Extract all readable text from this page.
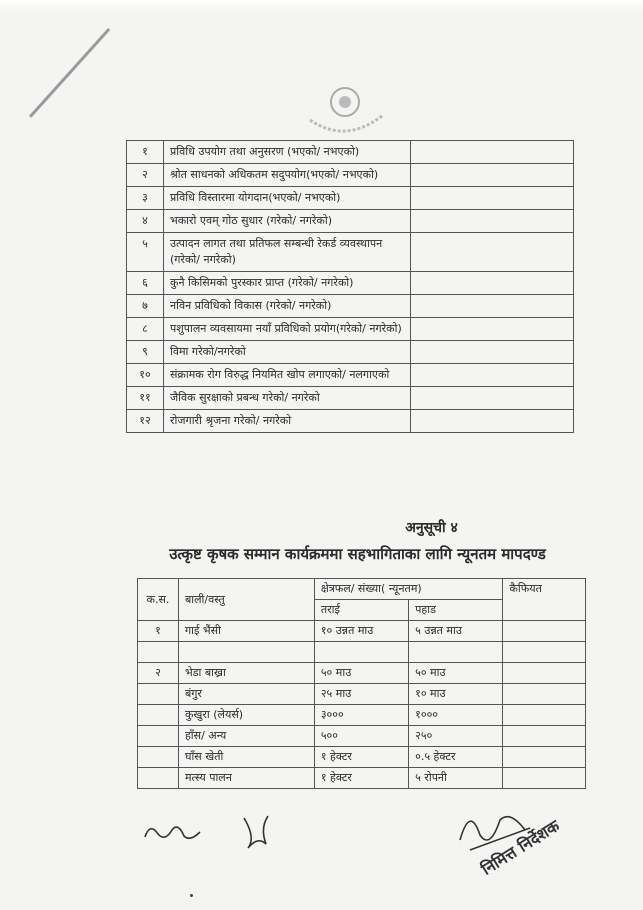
१	प्रविधि उपयोग तथा अनुसरण (भएको/ नभएको)	
२	श्रोत साधनको अधिकतम सदुपयोग(भएको/ नभएको)	
३	प्रविधि विस्तारमा योगदान(भएको/ नभएको)	
४	भकारो एवम् गोठ सुधार (गरेको/ नगरेको)	
५	उत्पादन लागत तथा प्रतिफल सम्बन्धी रेकर्ड व्यवस्थापन (गरेको/ नगरेको)	
६	कुनै किसिमको पुरस्कार प्राप्त (गरेको/ नगरेको)	
७	नविन प्रविधिको विकास (गरेको/ नगरेको)	
८	पशुपालन व्यवसायमा नयाँ प्रविधिको प्रयोग(गरेको/ नगरेको)	
९	विमा गरेको/नगरेको	
१०	संक्रामक रोग विरुद्ध नियमित खोप लगाएको/ नलगाएको	
११	जैविक सुरक्षाको प्रबन्ध गरेको/ नगरेको	
१२	रोजगारी श्रृजना गरेको/ नगरेको	
अनुसूची ४
उत्कृष्ट कृषक सम्मान कार्यक्रममा सहभागिताका लागि न्यूनतम मापदण्ड
क.स.	बाली/वस्तु	क्षेत्रफल/ संख्या( न्यूनतम)		कैफियत
		तराई	पहाड	
१	गाई भैंसी	१० उन्नत माउ	५ उन्नत माउ	

२	भेडा बाख्रा	५० माउ	५० माउ	
	बंगुर	२५ माउ	१० माउ	
	कुखुरा (लेयर्स)	३०००	१०००	
	हाँस/ अन्य	५००	२५०	
	घाँस खेती	१ हेक्टर	०.५ हेक्टर	
	मत्स्य पालन	१ हेक्टर	५ रोपनी	
निमित्त निर्देशक
